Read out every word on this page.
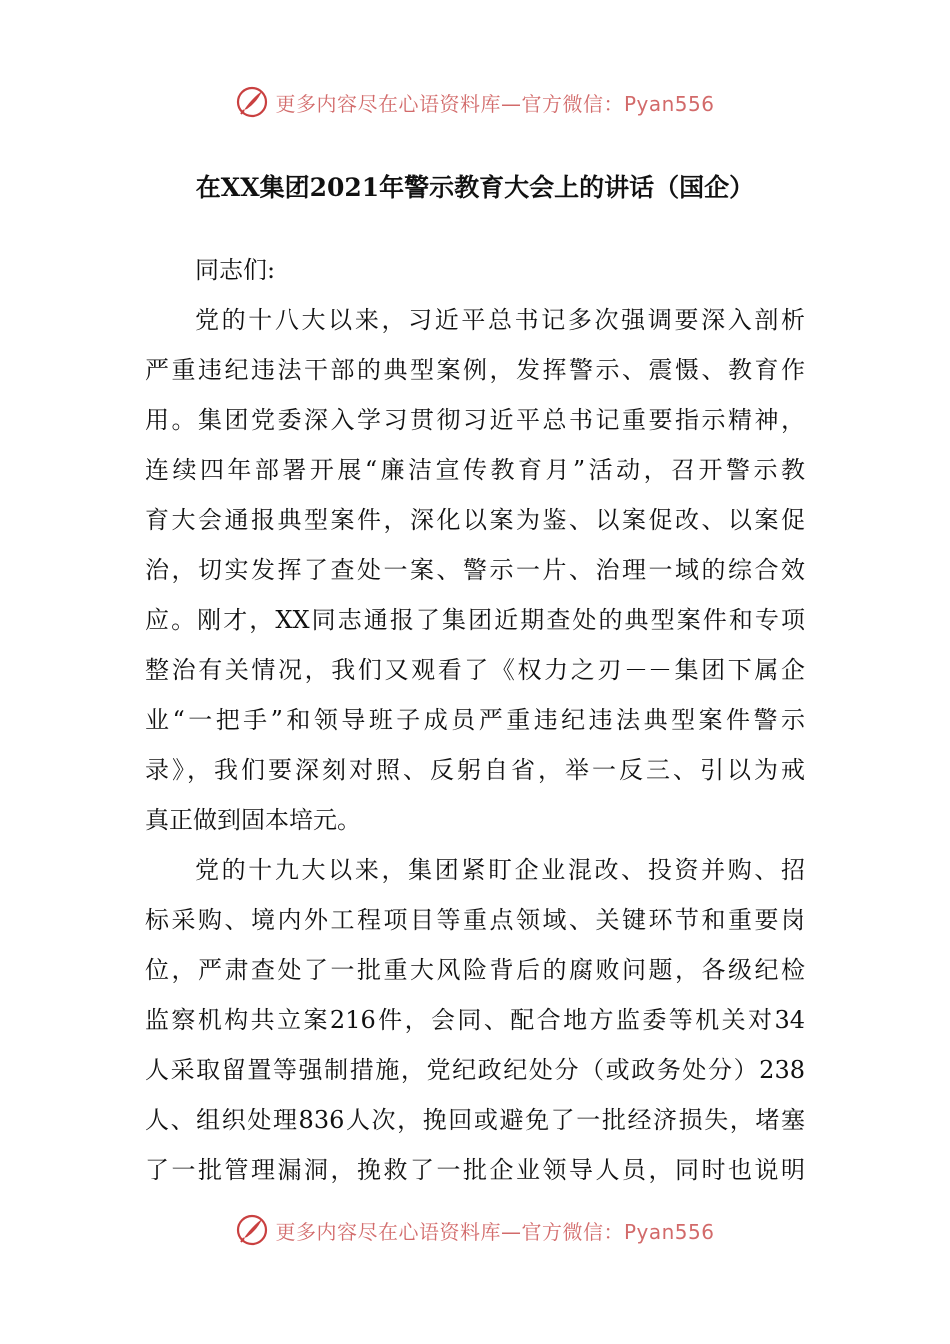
更多内容尽在心语资料库—官方微信：Pyan556
在XX集团2021年警示教育大会上的讲话（国企）
同志们:
党的十八大以来，习近平总书记多次强调要深入剖析
严重违纪违法干部的典型案例，发挥警示、震慑、教育作
用。集团党委深入学习贯彻习近平总书记重要指示精神，
连续四年部署开展“廉洁宣传教育月”活动，召开警示教
育大会通报典型案件，深化以案为鉴、以案促改、以案促
治，切实发挥了查处一案、警示一片、治理一域的综合效
应。刚才，XX同志通报了集团近期查处的典型案件和专项
整治有关情况，我们又观看了《权力之刃－－集团下属企
业“一把手”和领导班子成员严重违纪违法典型案件警示
录》，我们要深刻对照、反躬自省，举一反三、引以为戒
真正做到固本培元。
党的十九大以来，集团紧盯企业混改、投资并购、招
标采购、境内外工程项目等重点领域、关键环节和重要岗
位，严肃查处了一批重大风险背后的腐败问题，各级纪检
监察机构共立案216件，会同、配合地方监委等机关对34
人采取留置等强制措施，党纪政纪处分（或政务处分）238
人、组织处理836人次，挽回或避免了一批经济损失，堵塞
了一批管理漏洞，挽救了一批企业领导人员，同时也说明
更多内容尽在心语资料库—官方微信：Pyan556
